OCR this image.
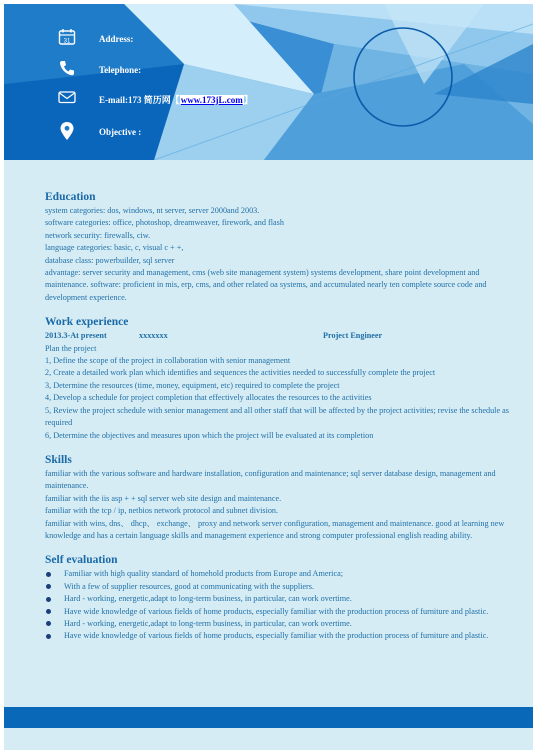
31	Address:
Telephone:
E-mail:173 简历网【www.173jL.com】
Objective :
Education

system categories: dos, windows, nt server, server 2000and 2003.

software categories: office, photoshop, dreamweaver, firework, and flash

network security: firewalls, ciw.

language categories: basic, c, visual c + +,

database class: powerbuilder, sql server

advantage: server security and management, cms (web site management system) systems development, share point development and maintenance. software: proficient in mis, erp, cms, and other related oa systems, and accumulated nearly ten complete source code and development experience.

Work experience
2013.3-At present	xxxxxxx	Project Engineer

Plan the project

1, Define the scope of the project in collaboration with senior management

2, Create a detailed work plan which identifies and sequences the activities needed to successfully complete the project

3, Determine the resources (time, money, equipment, etc) required to complete the project

4, Develop a schedule for project completion that effectively allocates the resources to the activities

5, Review the project schedule with senior management and all other staff that will be affected by the project activities; revise the schedule as required

6, Determine the objectives and measures upon which the project will be evaluated at its completion

Skills

familiar with the various software and hardware installation, configuration and maintenance; sql server database design, management and maintenance.

familiar with the iis asp + + sql server web site design and maintenance.

familiar with the tcp / ip, netbios network protocol and subnet division.

familiar with wins, dns、 dhcp、 exchange、 proxy and network server configuration, management and maintenance. good at learning new knowledge and has a certain language skills and management experience and strong computer professional english reading ability.

Self evaluation
Familiar with high quality standard of homehold products from Europe and America;
With a few of supplier resources, good at communicating with the suppliers.
Hard - working, energetic,adapt to long-term business, in particular, can work overtime.
Have wide knowledge of various fields of home products, especially familiar with the production process of furniture and plastic.
Hard - working, energetic,adapt to long-term business, in particular, can work overtime.
Have wide knowledge of various fields of home products, especially familiar with the production process of furniture and plastic.
